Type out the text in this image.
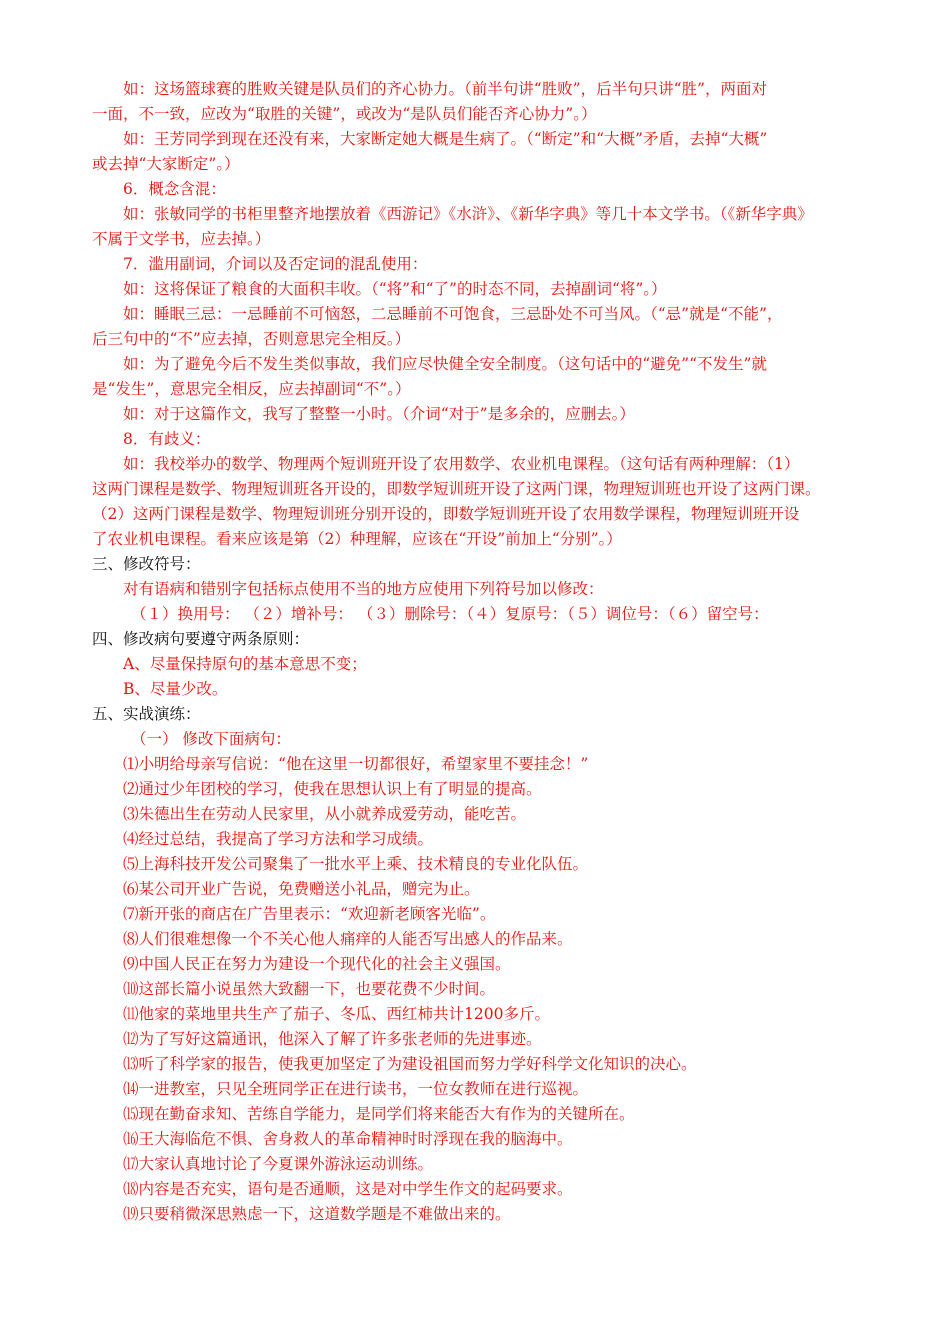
如：这场篮球赛的胜败关键是队员们的齐心协力。（前半句讲“胜败”，后半句只讲“胜”，两面对
一面，不一致，应改为“取胜的关键”，或改为“是队员们能否齐心协力”。）
如：王芳同学到现在还没有来，大家断定她大概是生病了。（“断定”和“大概”矛盾，去掉“大概”
或去掉“大家断定”。）
6．概念含混：
如：张敏同学的书柜里整齐地摆放着《西游记》《水浒》、《新华字典》等几十本文学书。（《新华字典》
不属于文学书，应去掉。）
7．滥用副词，介词以及否定词的混乱使用：
如：这将保证了粮食的大面积丰收。（“将”和“了”的时态不同，去掉副词“将”。）
如：睡眠三忌：一忌睡前不可恼怒，二忌睡前不可饱食，三忌卧处不可当风。（“忌”就是“不能”，
后三句中的“不”应去掉，否则意思完全相反。）
如：为了避免今后不发生类似事故，我们应尽快健全安全制度。（这句话中的“避免”“不发生”就
是“发生”，意思完全相反，应去掉副词“不”。）
如：对于这篇作文，我写了整整一小时。（介词“对于”是多余的，应删去。）
8．有歧义：
如：我校举办的数学、物理两个短训班开设了农用数学、农业机电课程。（这句话有两种理解：（1）
这两门课程是数学、物理短训班各开设的，即数学短训班开设了这两门课，物理短训班也开设了这两门课。
（2）这两门课程是数学、物理短训班分别开设的，即数学短训班开设了农用数学课程，物理短训班开设
了农业机电课程。看来应该是第（2）种理解，应该在“开设”前加上“分别”。）
三、修改符号：
对有语病和错别字包括标点使用不当的地方应使用下列符号加以修改：
（１）换用号： （２）增补号： （３）删除号：（４）复原号：（５）调位号：（６）留空号：
四、修改病句要遵守两条原则：
A、尽量保持原句的基本意思不变；
B、尽量少改。
五、实战演练：
（一） 修改下面病句：
⑴小明给母亲写信说：“他在这里一切都很好，希望家里不要挂念！”
⑵通过少年团校的学习，使我在思想认识上有了明显的提高。
⑶朱德出生在劳动人民家里，从小就养成爱劳动，能吃苦。
⑷经过总结，我提高了学习方法和学习成绩。
⑸上海科技开发公司聚集了一批水平上乘、技术精良的专业化队伍。
⑹某公司开业广告说，免费赠送小礼品，赠完为止。
⑺新开张的商店在广告里表示：“欢迎新老顾客光临”。
⑻人们很难想像一个不关心他人痛痒的人能否写出感人的作品来。
⑼中国人民正在努力为建设一个现代化的社会主义强国。
⑽这部长篇小说虽然大致翻一下，也要花费不少时间。
⑾他家的菜地里共生产了茄子、冬瓜、西红柿共计1200多斤。
⑿为了写好这篇通讯，他深入了解了许多张老师的先进事迹。
⒀听了科学家的报告，使我更加坚定了为建设祖国而努力学好科学文化知识的决心。
⒁一进教室，只见全班同学正在进行读书，一位女教师在进行巡视。
⒂现在勤奋求知、苦练自学能力，是同学们将来能否大有作为的关键所在。
⒃王大海临危不惧、舍身救人的革命精神时时浮现在我的脑海中。
⒄大家认真地讨论了今夏课外游泳运动训练。
⒅内容是否充实，语句是否通顺，这是对中学生作文的起码要求。
⒆只要稍微深思熟虑一下，这道数学题是不难做出来的。
